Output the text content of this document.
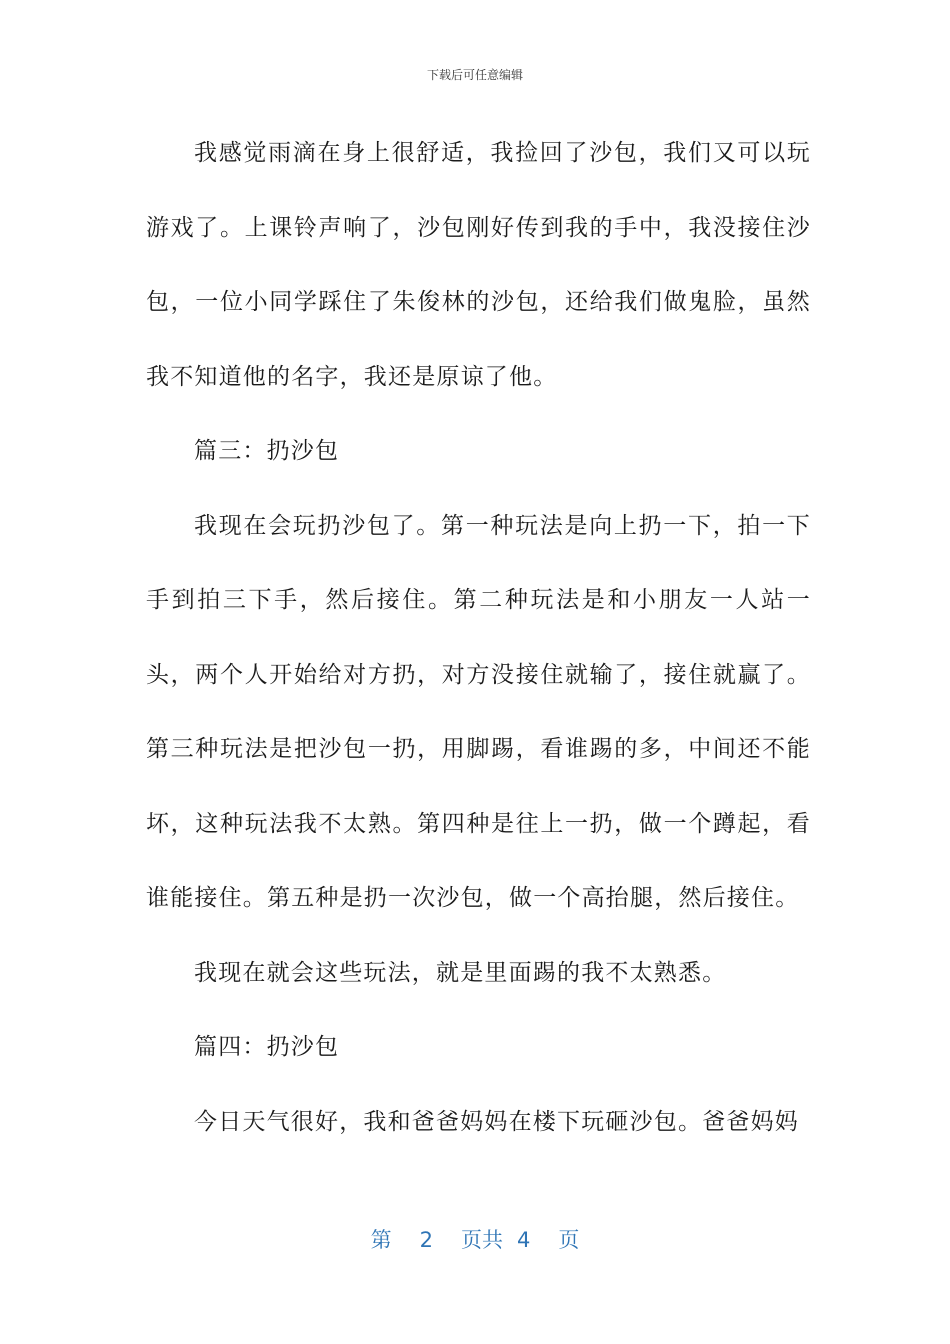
下载后可任意编辑

我感觉雨滴在身上很舒适，我捡回了沙包，我们又可以玩游戏了。上课铃声响了，沙包刚好传到我的手中，我没接住沙包，一位小同学踩住了朱俊林的沙包，还给我们做鬼脸，虽然我不知道他的名字，我还是原谅了他。

篇三：扔沙包

我现在会玩扔沙包了。第一种玩法是向上扔一下，拍一下手到拍三下手，然后接住。第二种玩法是和小朋友一人站一头，两个人开始给对方扔，对方没接住就输了，接住就赢了。第三种玩法是把沙包一扔，用脚踢，看谁踢的多，中间还不能坏，这种玩法我不太熟。第四种是往上一扔，做一个蹲起，看谁能接住。第五种是扔一次沙包，做一个高抬腿，然后接住。

我现在就会这些玩法，就是里面踢的我不太熟悉。

篇四：扔沙包

今日天气很好，我和爸爸妈妈在楼下玩砸沙包。爸爸妈妈

第 2 页共 4 页
